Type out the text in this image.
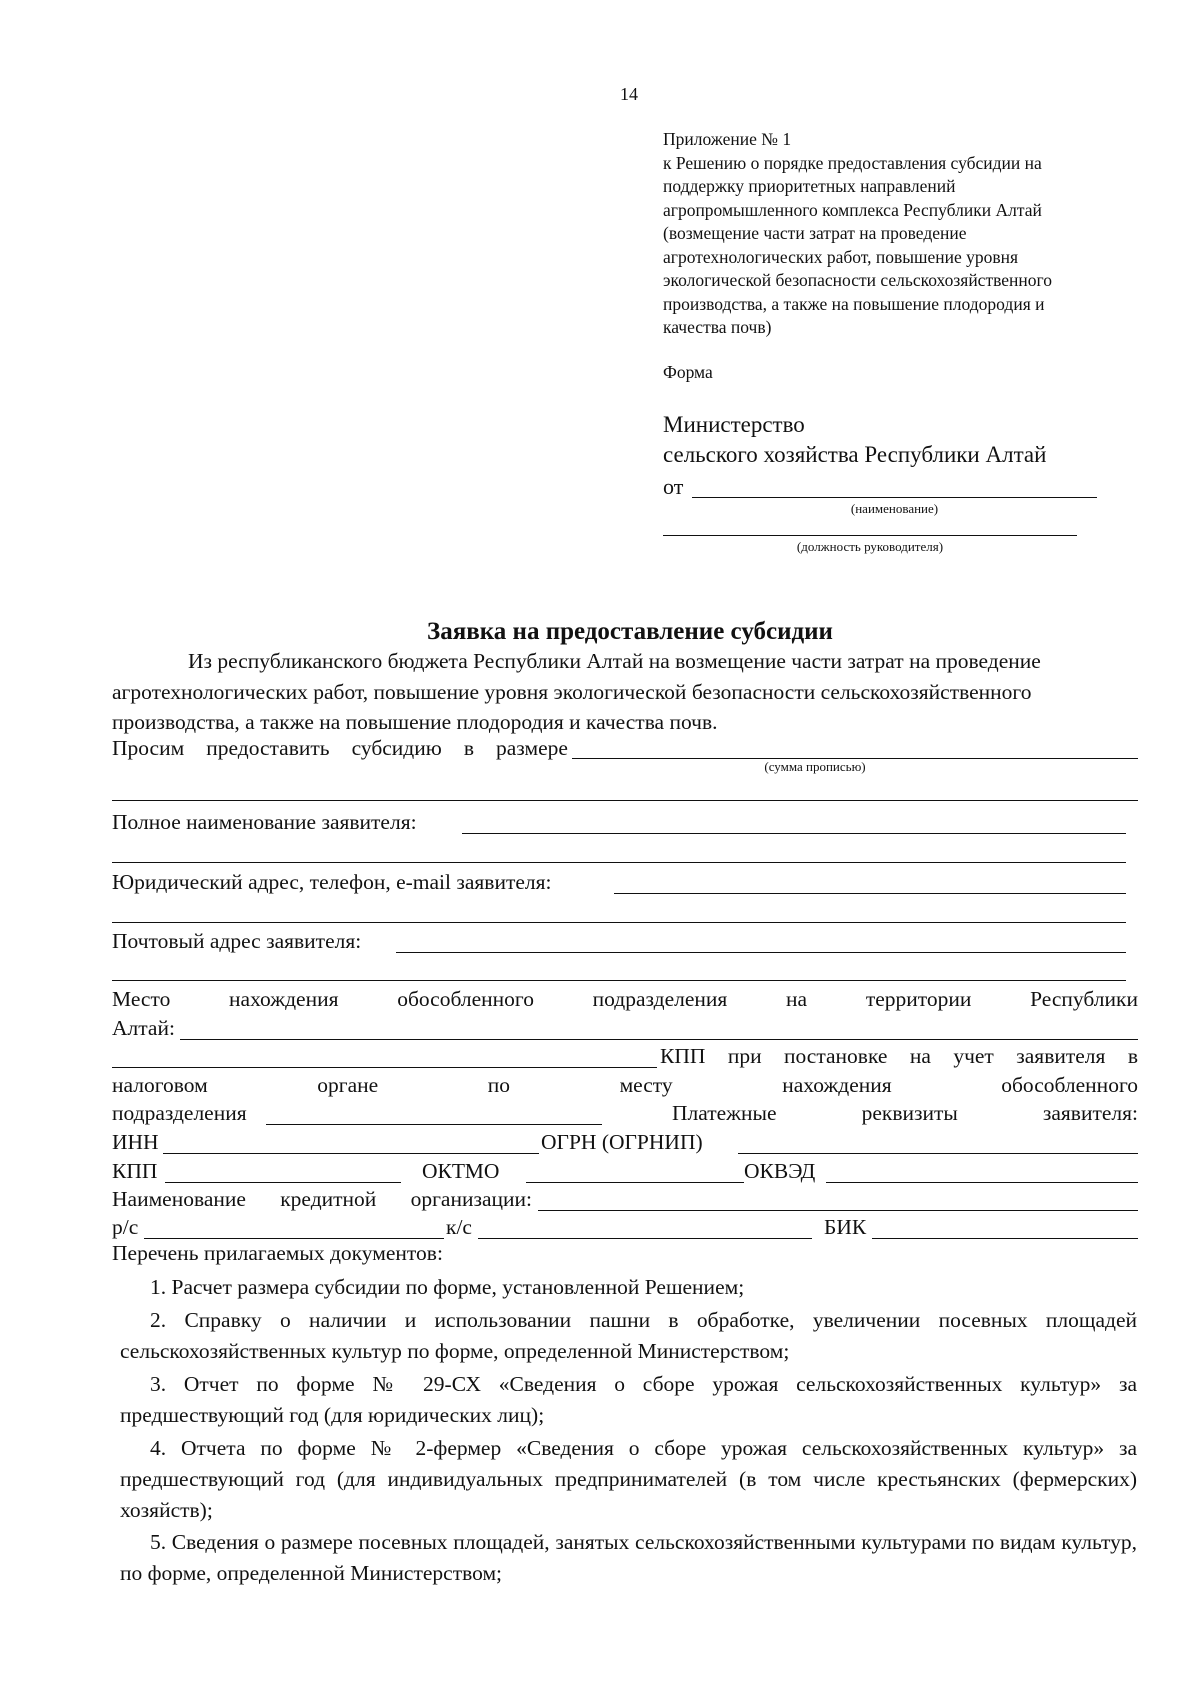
14
Приложение № 1
к Решению о порядке предоставления субсидии на
поддержку приоритетных направлений
агропромышленного комплекса Республики Алтай
(возмещение части затрат на проведение
агротехнологических работ, повышение уровня
экологической безопасности сельскохозяйственного
производства, а также на повышение плодородия и
качества почв)
Форма
Министерство
сельского хозяйства Республики Алтай
от
(наименование)
(должность руководителя)
Заявка на предоставление субсидии
Из республиканского бюджета Республики Алтай на возмещение части затрат на проведение
агротехнологических работ, повышение уровня экологической безопасности сельскохозяйственного
производства, а также на повышение плодородия и качества почв.
Просим предоставить субсидию в размере
(сумма прописью)
Полное наименование заявителя:
Юридический адрес, телефон, e-mail заявителя:
Почтовый адрес заявителя:
Место	нахождения	обособленного	подразделения	на	территории	Республики
Алтай:
КПП при постановке на учет заявителя в
налоговом	органе	по	месту	нахождения	обособленного
подразделения	Платежные	реквизиты	заявителя:
ИНН	ОГРН (ОГРНИП)
КПП	ОКТМО	ОКВЭД
Наименование кредитной организации:
р/с	к/с	БИК
Перечень прилагаемых документов:
1. Расчет размера субсидии по форме, установленной Решением;
2. Справку о наличии и использовании пашни в обработке, увеличении посевных площадей сельскохозяйственных культур по форме, определенной Министерством;
3. Отчет по форме № 29-СХ «Сведения о сборе урожая сельскохозяйственных культур» за предшествующий год (для юридических лиц);
4. Отчета по форме № 2-фермер «Сведения о сборе урожая сельскохозяйственных культур» за предшествующий год (для индивидуальных предпринимателей (в том числе крестьянских (фермерских) хозяйств);
5. Сведения о размере посевных площадей, занятых сельскохозяйственными культурами по видам культур, по форме, определенной Министерством;
